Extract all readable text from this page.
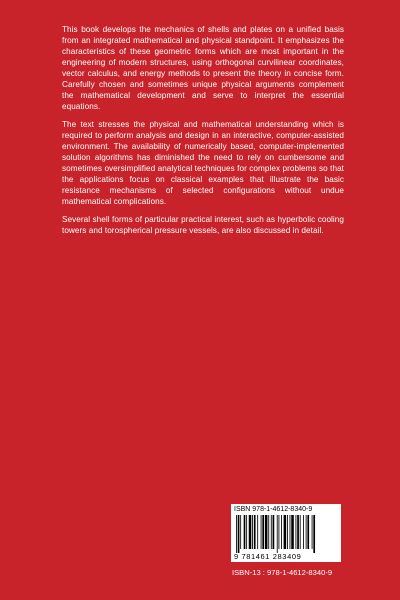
This book develops the mechanics of shells and plates on a unified basis from an integrated mathematical and physical standpoint. It emphasizes the characteristics of these geometric forms which are most important in the engineering of modern structures, using orthogonal curvilinear coordinates, vector calculus, and energy methods to present the theory in concise form. Carefully chosen and sometimes unique physical arguments complement the mathematical development and serve to interpret the essential equations.

The text stresses the physical and mathematical understanding which is required to perform analysis and design in an interactive, computer-assisted environment. The availability of numerically based, computer-implemented solution algorithms has diminished the need to rely on cumbersome and sometimes oversimplified analytical techniques for complex problems so that the applications focus on classical examples that illustrate the basic resistance mechanisms of selected configurations without undue mathematical complications.

Several shell forms of particular practical interest, such as hyperbolic cooling towers and torospherical pressure vessels, are also discussed in detail.

ISBN 978-1-4612-8340-9
9 781461 283409
ISBN-13 : 978-1-4612-8340-9
